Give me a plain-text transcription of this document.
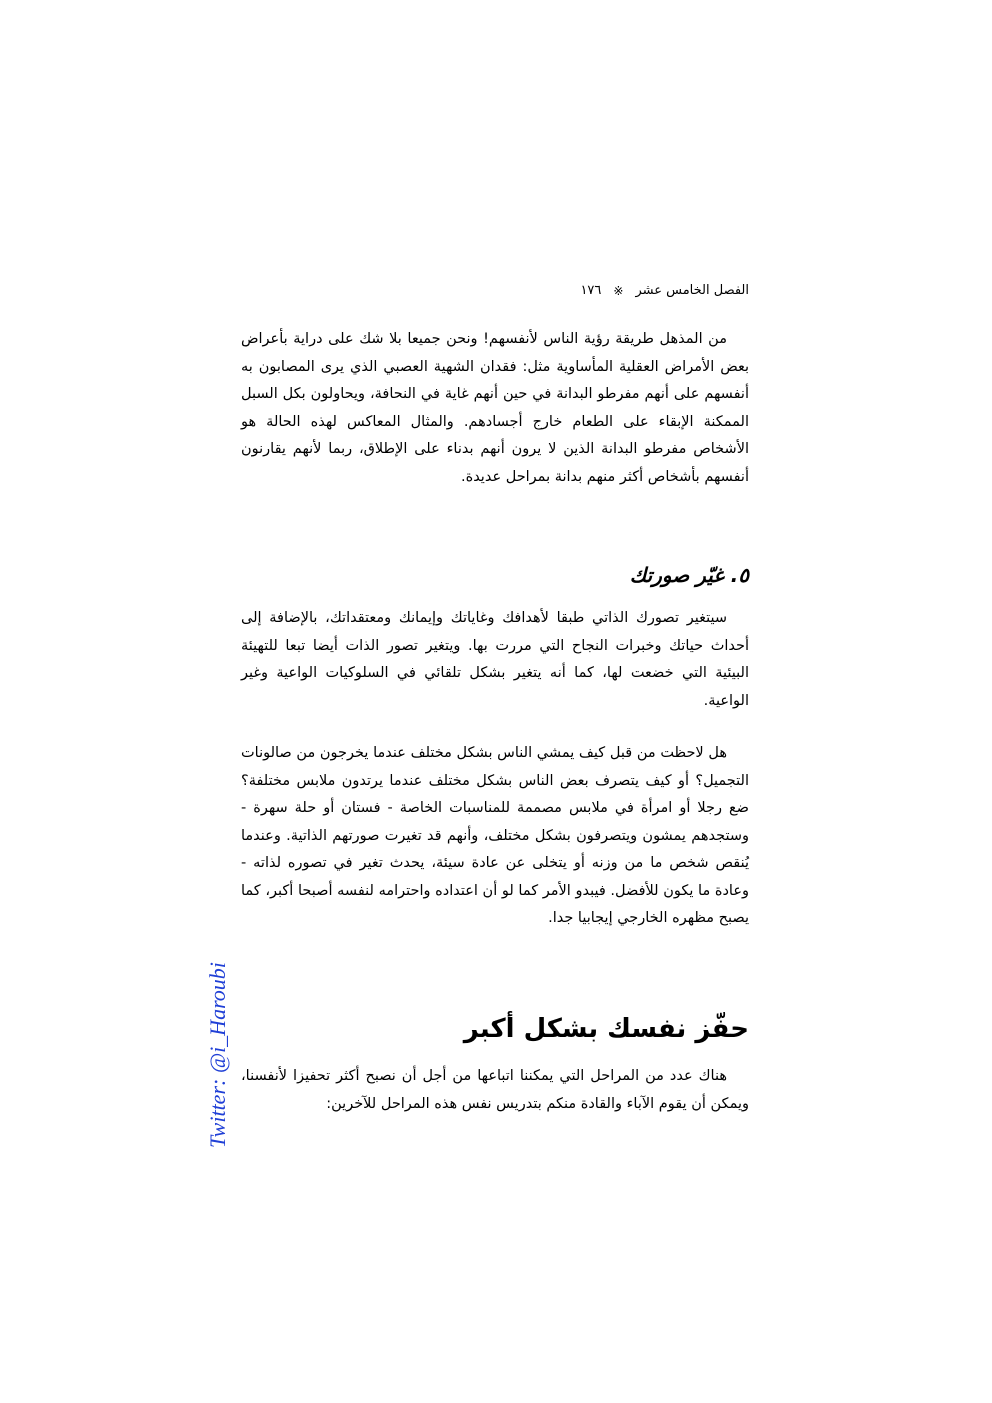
الفصل الخامس عشر
※
١٧٦

من المذهل طريقة رؤية الناس لأنفسهم! ونحن جميعا بلا شك على دراية بأعراض بعض الأمراض العقلية المأساوية مثل: فقدان الشهية العصبي الذي يرى المصابون به أنفسهم على أنهم مفرطو البدانة في حين أنهم غاية في النحافة، ويحاولون بكل السبل الممكنة الإبقاء على الطعام خارج أجسادهم. والمثال المعاكس لهذه الحالة هو الأشخاص مفرطو البدانة الذين لا يرون أنهم بدناء على الإطلاق، ربما لأنهم يقارنون أنفسهم بأشخاص أكثر منهم بدانة بمراحل عديدة.

٥. غيّر صورتك

سيتغير تصورك الذاتي طبقا لأهدافك وغاياتك وإيمانك ومعتقداتك، بالإضافة إلى أحداث حياتك وخبرات النجاح التي مررت بها. ويتغير تصور الذات أيضا تبعا للتهيئة البيئية التي خضعت لها، كما أنه يتغير بشكل تلقائي في السلوكيات الواعية وغير الواعية.

هل لاحظت من قبل كيف يمشي الناس بشكل مختلف عندما يخرجون من صالونات التجميل؟ أو كيف يتصرف بعض الناس بشكل مختلف عندما يرتدون ملابس مختلفة؟ ضع رجلا أو امرأة في ملابس مصممة للمناسبات الخاصة - فستان أو حلة سهرة - وستجدهم يمشون ويتصرفون بشكل مختلف، وأنهم قد تغيرت صورتهم الذاتية. وعندما يُنقص شخص ما من وزنه أو يتخلى عن عادة سيئة، يحدث تغير في تصوره لذاته - وعادة ما يكون للأفضل. فيبدو الأمر كما لو أن اعتداده واحترامه لنفسه أصبحا أكبر، كما يصبح مظهره الخارجي إيجابيا جدا.

حفّز نفسك بشكل أكبر

هناك عدد من المراحل التي يمكننا اتباعها من أجل أن نصبح أكثر تحفيزا لأنفسنا، ويمكن أن يقوم الآباء والقادة منكم بتدريس نفس هذه المراحل للآخرين:

Twitter: @i_Haroubi
